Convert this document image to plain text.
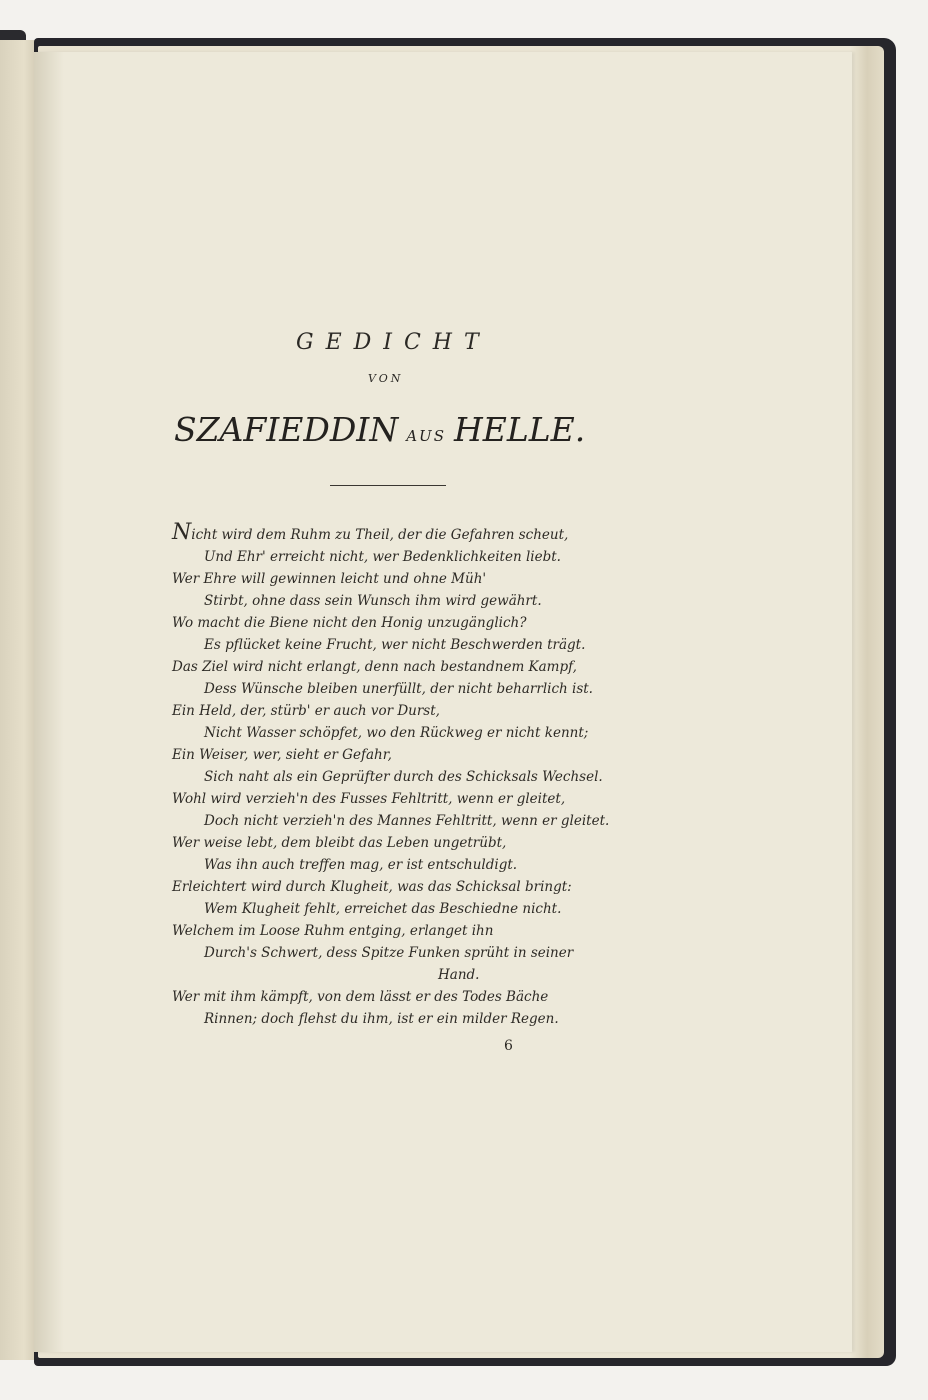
GEDICHT
VON
SZAFIEDDIN AUS HELLE.
Nicht wird dem Ruhm zu Theil, der die Gefahren scheut,
Und Ehr' erreicht nicht, wer Bedenklichkeiten liebt.
Wer Ehre will gewinnen leicht und ohne Müh'
Stirbt, ohne dass sein Wunsch ihm wird gewährt.
Wo macht die Biene nicht den Honig unzugänglich?
Es pflücket keine Frucht, wer nicht Beschwerden trägt.
Das Ziel wird nicht erlangt, denn nach bestandnem Kampf,
Dess Wünsche bleiben unerfüllt, der nicht beharrlich ist.
Ein Held, der, stürb' er auch vor Durst,
Nicht Wasser schöpfet, wo den Rückweg er nicht kennt;
Ein Weiser, wer, sieht er Gefahr,
Sich naht als ein Geprüfter durch des Schicksals Wechsel.
Wohl wird verzieh'n des Fusses Fehltritt, wenn er gleitet,
Doch nicht verzieh'n des Mannes Fehltritt, wenn er gleitet.
Wer weise lebt, dem bleibt das Leben ungetrübt,
Was ihn auch treffen mag, er ist entschuldigt.
Erleichtert wird durch Klugheit, was das Schicksal bringt:
Wem Klugheit fehlt, erreichet das Beschiedne nicht.
Welchem im Loose Ruhm entging, erlanget ihn
Durch's Schwert, dess Spitze Funken sprüht in seiner
Hand.
Wer mit ihm kämpft, von dem lässt er des Todes Bäche
Rinnen; doch flehst du ihm, ist er ein milder Regen.
6
